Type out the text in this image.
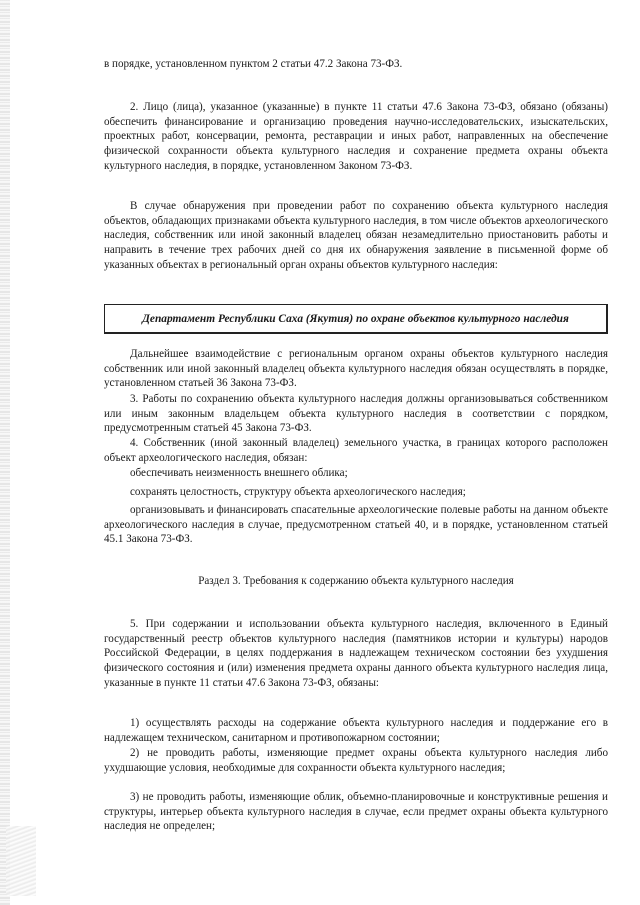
в порядке, установленном пунктом 2 статьи 47.2 Закона 73-ФЗ.
2. Лицо (лица), указанное (указанные) в пункте 11 статьи 47.6 Закона 73-ФЗ, обязано (обязаны) обеспечить финансирование и организацию проведения научно-исследовательских, изыскательских, проектных работ, консервации, ремонта, реставрации и иных работ, направленных на обеспечение физической сохранности объекта культурного наследия и сохранение предмета охраны объекта культурного наследия, в порядке, установленном Законом 73-ФЗ.
В случае обнаружения при проведении работ по сохранению объекта культурного наследия объектов, обладающих признаками объекта культурного наследия, в том числе объектов археологического наследия, собственник или иной законный владелец обязан незамедлительно приостановить работы и направить в течение трех рабочих дней со дня их обнаружения заявление в письменной форме об указанных объектах в региональный орган охраны объектов культурного наследия:
Департамент Республики Саха (Якутия) по охране объектов культурного наследия
Дальнейшее взаимодействие с региональным органом охраны объектов культурного наследия собственник или иной законный владелец объекта культурного наследия обязан осуществлять в порядке, установленном статьей 36 Закона 73-ФЗ.
3. Работы по сохранению объекта культурного наследия должны организовываться собственником или иным законным владельцем объекта культурного наследия в соответствии с порядком, предусмотренным статьей 45 Закона 73-ФЗ.
4. Собственник (иной законный владелец) земельного участка, в границах которого расположен объект археологического наследия, обязан:
обеспечивать неизменность внешнего облика;
сохранять целостность, структуру объекта археологического наследия;
организовывать и финансировать спасательные археологические полевые работы на данном объекте археологического наследия в случае, предусмотренном статьей 40, и в порядке, установленном статьей 45.1 Закона 73-ФЗ.
Раздел 3. Требования к содержанию объекта культурного наследия
5. При содержании и использовании объекта культурного наследия, включенного в Единый государственный реестр объектов культурного наследия (памятников истории и культуры) народов Российской Федерации, в целях поддержания в надлежащем техническом состоянии без ухудшения физического состояния и (или) изменения предмета охраны данного объекта культурного наследия лица, указанные в пункте 11 статьи 47.6 Закона 73-ФЗ, обязаны:
1) осуществлять расходы на содержание объекта культурного наследия и поддержание его в надлежащем техническом, санитарном и противопожарном состоянии;
2) не проводить работы, изменяющие предмет охраны объекта культурного наследия либо ухудшающие условия, необходимые для сохранности объекта культурного наследия;
3) не проводить работы, изменяющие облик, объемно-планировочные и конструктивные решения и структуры, интерьер объекта культурного наследия в случае, если предмет охраны объекта культурного наследия не определен;
